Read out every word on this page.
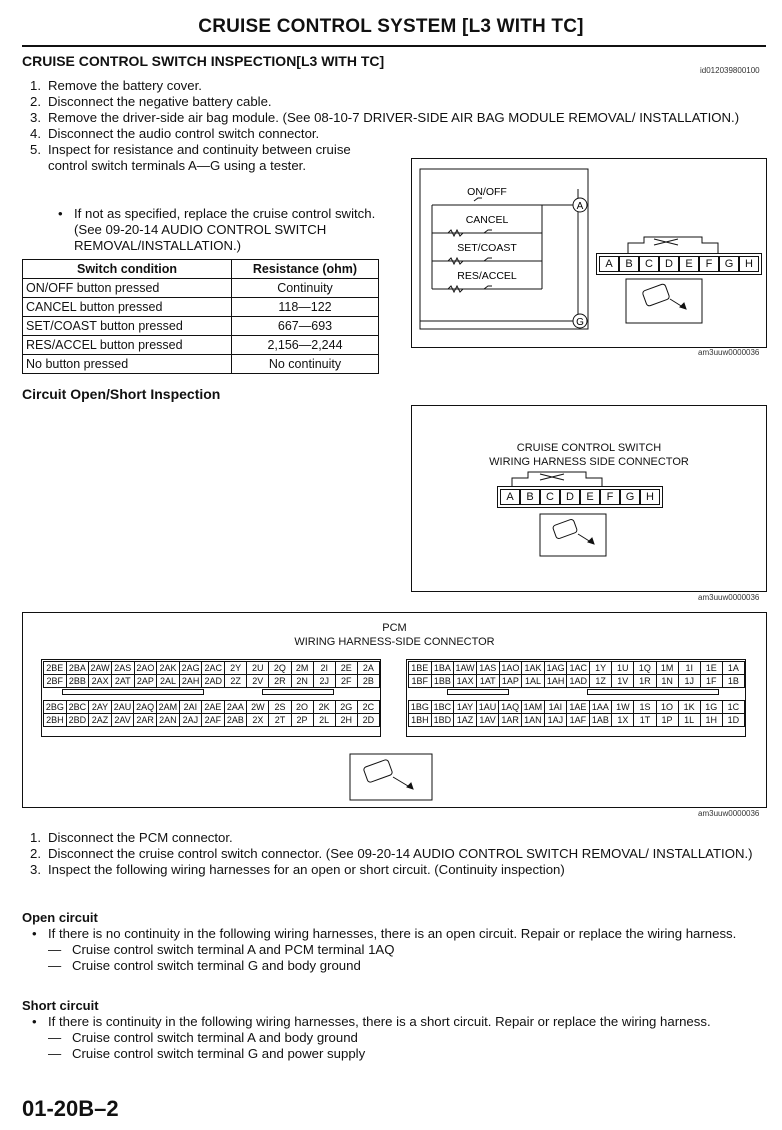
CRUISE CONTROL SYSTEM [L3 WITH TC]
CRUISE CONTROL SWITCH INSPECTION[L3 WITH TC]
id012039800100
1. Remove the battery cover.
2. Disconnect the negative battery cable.
3. Remove the driver-side air bag module. (See 08-10-7 DRIVER-SIDE AIR BAG MODULE REMOVAL/ INSTALLATION.)
4. Disconnect the audio control switch connector.
5. Inspect for resistance and continuity between cruise control switch terminals A—G using a tester.
• If not as specified, replace the cruise control switch. (See 09-20-14 AUDIO CONTROL SWITCH REMOVAL/INSTALLATION.)
Switch condition	Resistance (ohm)
ON/OFF button pressed	Continuity
CANCEL button pressed	118—122
SET/COAST button pressed	667—693
RES/ACCEL button pressed	2,156—2,244
No button pressed	No continuity
A
G
ON/OFF
CANCEL
SET/COAST
RES/ACCEL
A	B	C	D	E	F	G	H
am3uuw0000036
Circuit Open/Short Inspection
CRUISE CONTROL SWITCH
WIRING HARNESS SIDE CONNECTOR
A	B	C	D	E	F	G	H
am3uuw0000036
PCM
WIRING HARNESS-SIDE CONNECTOR
2BE	2BA	2AW	2AS	2AO	2AK	2AG	2AC	2Y	2U	2Q	2M	2I	2E	2A
2BF	2BB	2AX	2AT	2AP	2AL	2AH	2AD	2Z	2V	2R	2N	2J	2F	2B
2BG	2BC	2AY	2AU	2AQ	2AM	2AI	2AE	2AA	2W	2S	2O	2K	2G	2C
2BH	2BD	2AZ	2AV	2AR	2AN	2AJ	2AF	2AB	2X	2T	2P	2L	2H	2D
1BE	1BA	1AW	1AS	1AO	1AK	1AG	1AC	1Y	1U	1Q	1M	1I	1E	1A
1BF	1BB	1AX	1AT	1AP	1AL	1AH	1AD	1Z	1V	1R	1N	1J	1F	1B
1BG	1BC	1AY	1AU	1AQ	1AM	1AI	1AE	1AA	1W	1S	1O	1K	1G	1C
1BH	1BD	1AZ	1AV	1AR	1AN	1AJ	1AF	1AB	1X	1T	1P	1L	1H	1D
am3uuw0000036
1. Disconnect the PCM connector.
2. Disconnect the cruise control switch connector. (See 09-20-14 AUDIO CONTROL SWITCH REMOVAL/ INSTALLATION.)
3. Inspect the following wiring harnesses for an open or short circuit. (Continuity inspection)
Open circuit
• If there is no continuity in the following wiring harnesses, there is an open circuit. Repair or replace the wiring harness.
— Cruise control switch terminal A and PCM terminal 1AQ
— Cruise control switch terminal G and body ground
Short circuit
• If there is continuity in the following wiring harnesses, there is a short circuit. Repair or replace the wiring harness.
— Cruise control switch terminal A and body ground
— Cruise control switch terminal G and power supply
01-20B–2
